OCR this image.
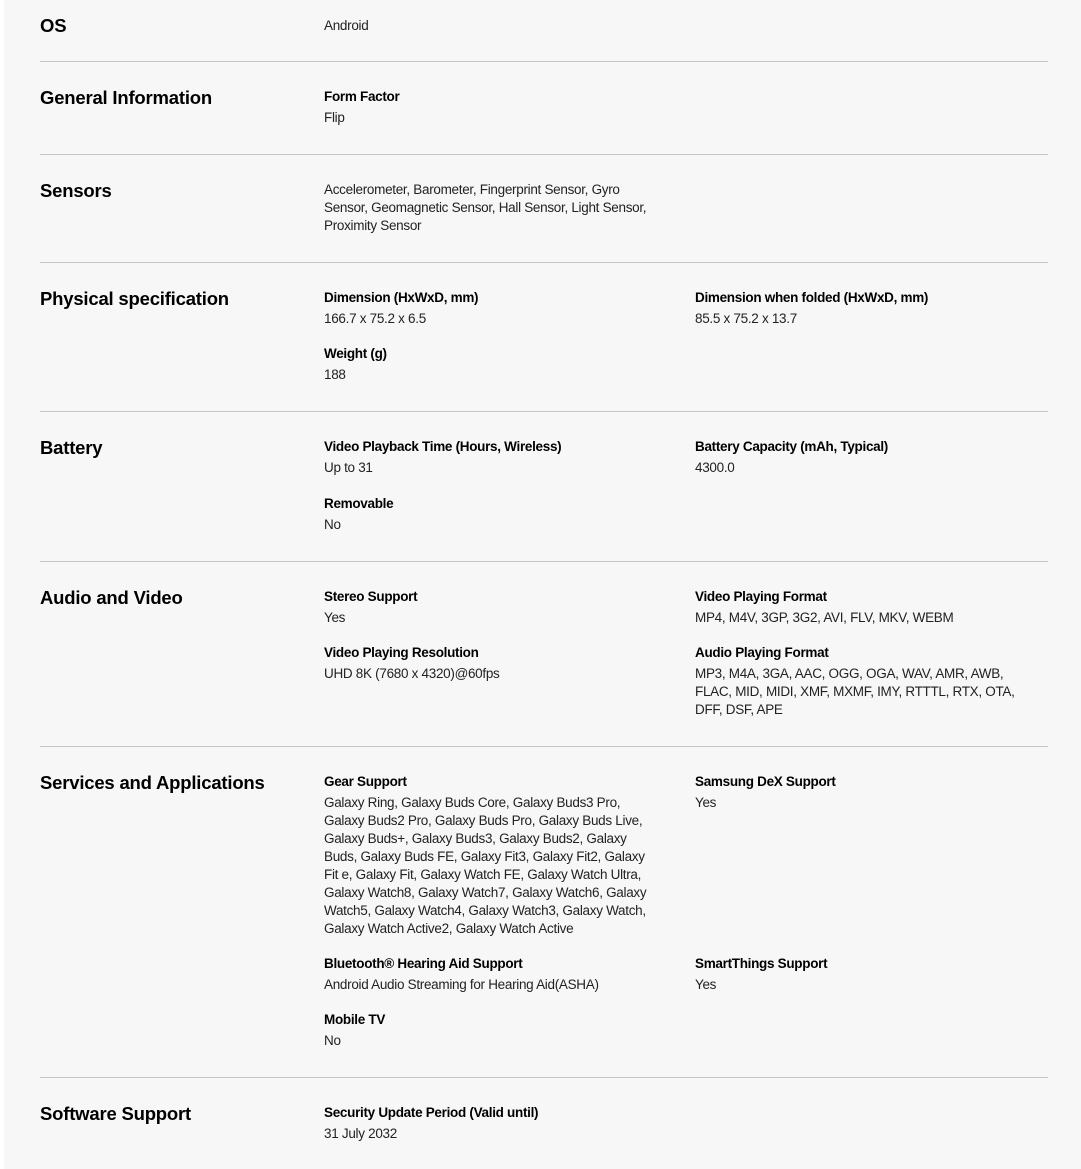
OS	Android
General Information	Form Factor
Flip
Sensors	Accelerometer, Barometer, Fingerprint Sensor, Gyro Sensor, Geomagnetic Sensor, Hall Sensor, Light Sensor, Proximity Sensor
Physical specification	Dimension (HxWxD, mm)
166.7 x 75.2 x 6.5
Dimension when folded (HxWxD, mm)
85.5 x 75.2 x 13.7
Weight (g)
188
Battery	Video Playback Time (Hours, Wireless)
Up to 31
Battery Capacity (mAh, Typical)
4300.0
Removable
No
Audio and Video	Stereo Support
Yes
Video Playing Format
MP4, M4V, 3GP, 3G2, AVI, FLV, MKV, WEBM
Video Playing Resolution
UHD 8K (7680 x 4320)@60fps
Audio Playing Format
MP3, M4A, 3GA, AAC, OGG, OGA, WAV, AMR, AWB, FLAC, MID, MIDI, XMF, MXMF, IMY, RTTTL, RTX, OTA, DFF, DSF, APE
Services and Applications	Gear Support
Galaxy Ring, Galaxy Buds Core, Galaxy Buds3 Pro, Galaxy Buds2 Pro, Galaxy Buds Pro, Galaxy Buds Live, Galaxy Buds+, Galaxy Buds3, Galaxy Buds2, Galaxy Buds, Galaxy Buds FE, Galaxy Fit3, Galaxy Fit2, Galaxy Fit e, Galaxy Fit, Galaxy Watch FE, Galaxy Watch Ultra, Galaxy Watch8, Galaxy Watch7, Galaxy Watch6, Galaxy Watch5, Galaxy Watch4, Galaxy Watch3, Galaxy Watch, Galaxy Watch Active2, Galaxy Watch Active
Samsung DeX Support
Yes
Bluetooth® Hearing Aid Support
Android Audio Streaming for Hearing Aid(ASHA)
SmartThings Support
Yes
Mobile TV
No
Software Support	Security Update Period (Valid until)
31 July 2032
